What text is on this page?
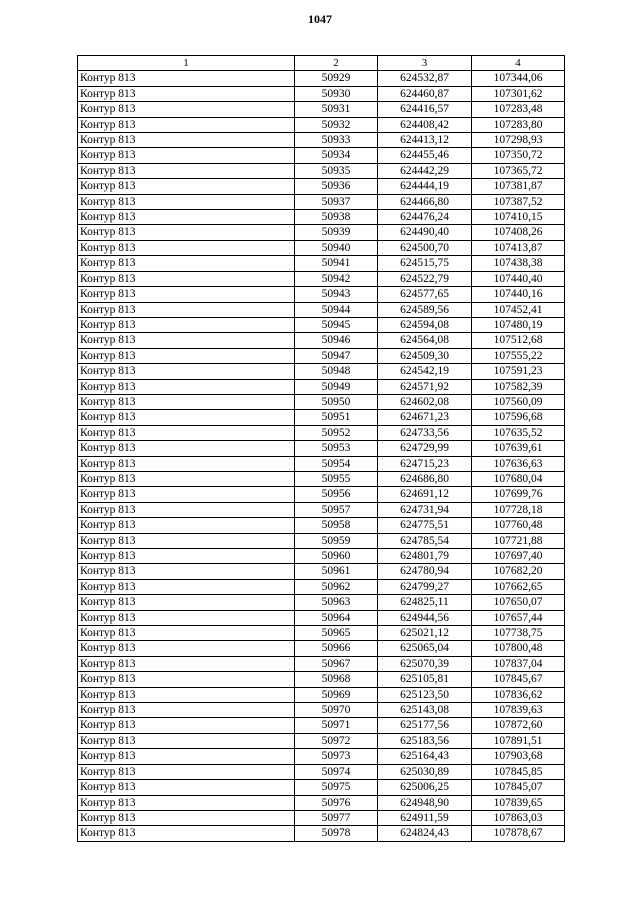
1047
1	2	3	4
Контур 813	50929	624532,87	107344,06
Контур 813	50930	624460,87	107301,62
Контур 813	50931	624416,57	107283,48
Контур 813	50932	624408,42	107283,80
Контур 813	50933	624413,12	107298,93
Контур 813	50934	624455,46	107350,72
Контур 813	50935	624442,29	107365,72
Контур 813	50936	624444,19	107381,87
Контур 813	50937	624466,80	107387,52
Контур 813	50938	624476,24	107410,15
Контур 813	50939	624490,40	107408,26
Контур 813	50940	624500,70	107413,87
Контур 813	50941	624515,75	107438,38
Контур 813	50942	624522,79	107440,40
Контур 813	50943	624577,65	107440,16
Контур 813	50944	624589,56	107452,41
Контур 813	50945	624594,08	107480,19
Контур 813	50946	624564,08	107512,68
Контур 813	50947	624509,30	107555,22
Контур 813	50948	624542,19	107591,23
Контур 813	50949	624571,92	107582,39
Контур 813	50950	624602,08	107560,09
Контур 813	50951	624671,23	107596,68
Контур 813	50952	624733,56	107635,52
Контур 813	50953	624729,99	107639,61
Контур 813	50954	624715,23	107636,63
Контур 813	50955	624686,80	107680,04
Контур 813	50956	624691,12	107699,76
Контур 813	50957	624731,94	107728,18
Контур 813	50958	624775,51	107760,48
Контур 813	50959	624785,54	107721,88
Контур 813	50960	624801,79	107697,40
Контур 813	50961	624780,94	107682,20
Контур 813	50962	624799,27	107662,65
Контур 813	50963	624825,11	107650,07
Контур 813	50964	624944,56	107657,44
Контур 813	50965	625021,12	107738,75
Контур 813	50966	625065,04	107800,48
Контур 813	50967	625070,39	107837,04
Контур 813	50968	625105,81	107845,67
Контур 813	50969	625123,50	107836,62
Контур 813	50970	625143,08	107839,63
Контур 813	50971	625177,56	107872,60
Контур 813	50972	625183,56	107891,51
Контур 813	50973	625164,43	107903,68
Контур 813	50974	625030,89	107845,85
Контур 813	50975	625006,25	107845,07
Контур 813	50976	624948,90	107839,65
Контур 813	50977	624911,59	107863,03
Контур 813	50978	624824,43	107878,67
